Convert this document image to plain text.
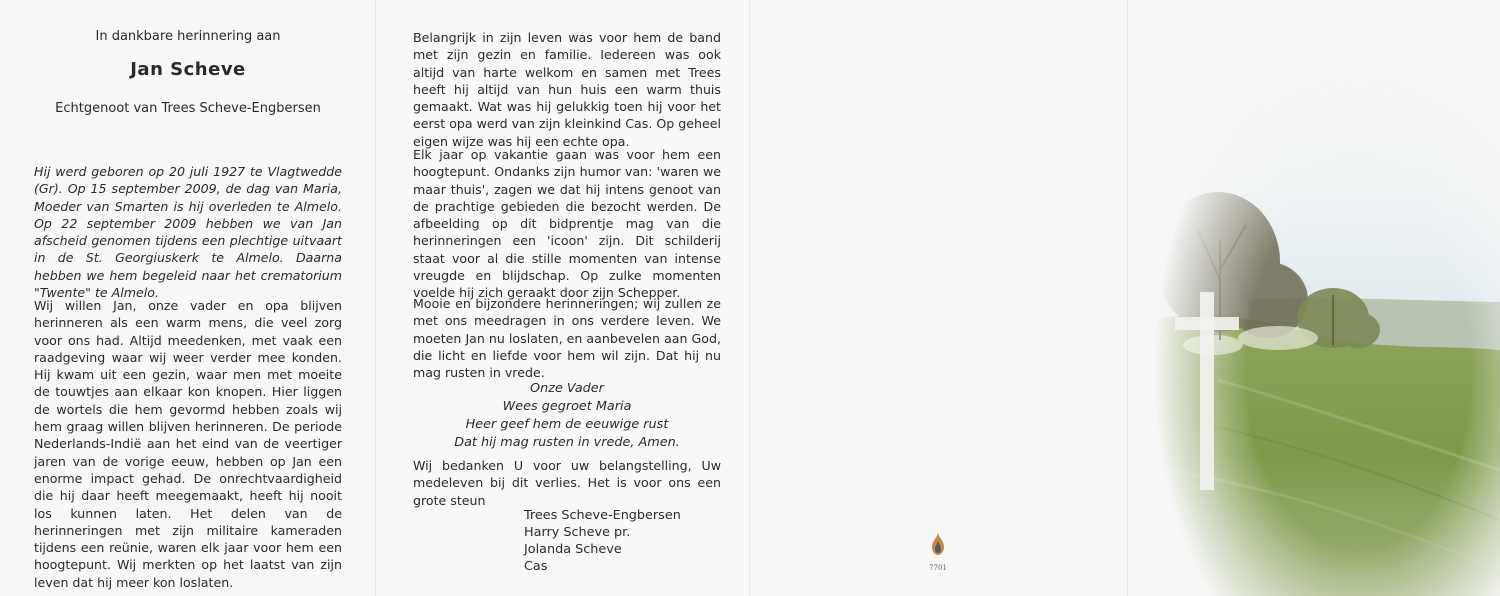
In dankbare herinnering aan
Jan Scheve
Echtgenoot van Trees Scheve-Engbersen

Hij werd geboren op 20 juli 1927 te Vlagtwedde (Gr). Op 15 september 2009, de dag van Maria, Moeder van Smarten is hij overleden te Almelo. Op 22 september 2009 hebben we van Jan afscheid genomen tijdens een plechtige uitvaart in de St. Georgiuskerk te Almelo. Daarna hebben we hem begeleid naar het crematorium "Twente" te Almelo.

Wij willen Jan, onze vader en opa blijven herinneren als een warm mens, die veel zorg voor ons had. Altijd meedenken, met vaak een raadgeving waar wij weer verder mee konden. Hij kwam uit een gezin, waar men met moeite de touwtjes aan elkaar kon knopen. Hier liggen de wortels die hem gevormd hebben zoals wij hem graag willen blijven herinneren. De periode Nederlands-Indië aan het eind van de veertiger jaren van de vorige eeuw, hebben op Jan een enorme impact gehad. De onrechtvaardigheid die hij daar heeft meegemaakt, heeft hij nooit los kunnen laten. Het delen van de herinneringen met zijn militaire kameraden tijdens een reünie, waren elk jaar voor hem een hoogtepunt. Wij merkten op het laatst van zijn leven dat hij meer kon loslaten.

Belangrijk in zijn leven was voor hem de band met zijn gezin en familie. Iedereen was ook altijd van harte welkom en samen met Trees heeft hij altijd van hun huis een warm thuis gemaakt. Wat was hij gelukkig toen hij voor het eerst opa werd van zijn kleinkind Cas. Op geheel eigen wijze was hij een echte opa.

Elk jaar op vakantie gaan was voor hem een hoogtepunt. Ondanks zijn humor van: 'waren we maar thuis', zagen we dat hij intens genoot van de prachtige gebieden die bezocht werden. De afbeelding op dit bidprentje mag van die herinneringen een 'icoon' zijn. Dit schilderij staat voor al die stille momenten van intense vreugde en blijdschap. Op zulke momenten voelde hij zich geraakt door zijn Schepper.

Mooie en bijzondere herinneringen; wij zullen ze met ons meedragen in ons verdere leven. We moeten Jan nu loslaten, en aanbevelen aan God, die licht en liefde voor hem wil zijn. Dat hij nu mag rusten in vrede.

Onze Vader
Wees gegroet Maria
Heer geef hem de eeuwige rust
Dat hij mag rusten in vrede, Amen.

Wij bedanken U voor uw belangstelling, Uw medeleven bij dit verlies. Het is voor ons een grote steun

Trees Scheve-Engbersen
Harry Scheve pr.
Jolanda Scheve
Cas	7701
